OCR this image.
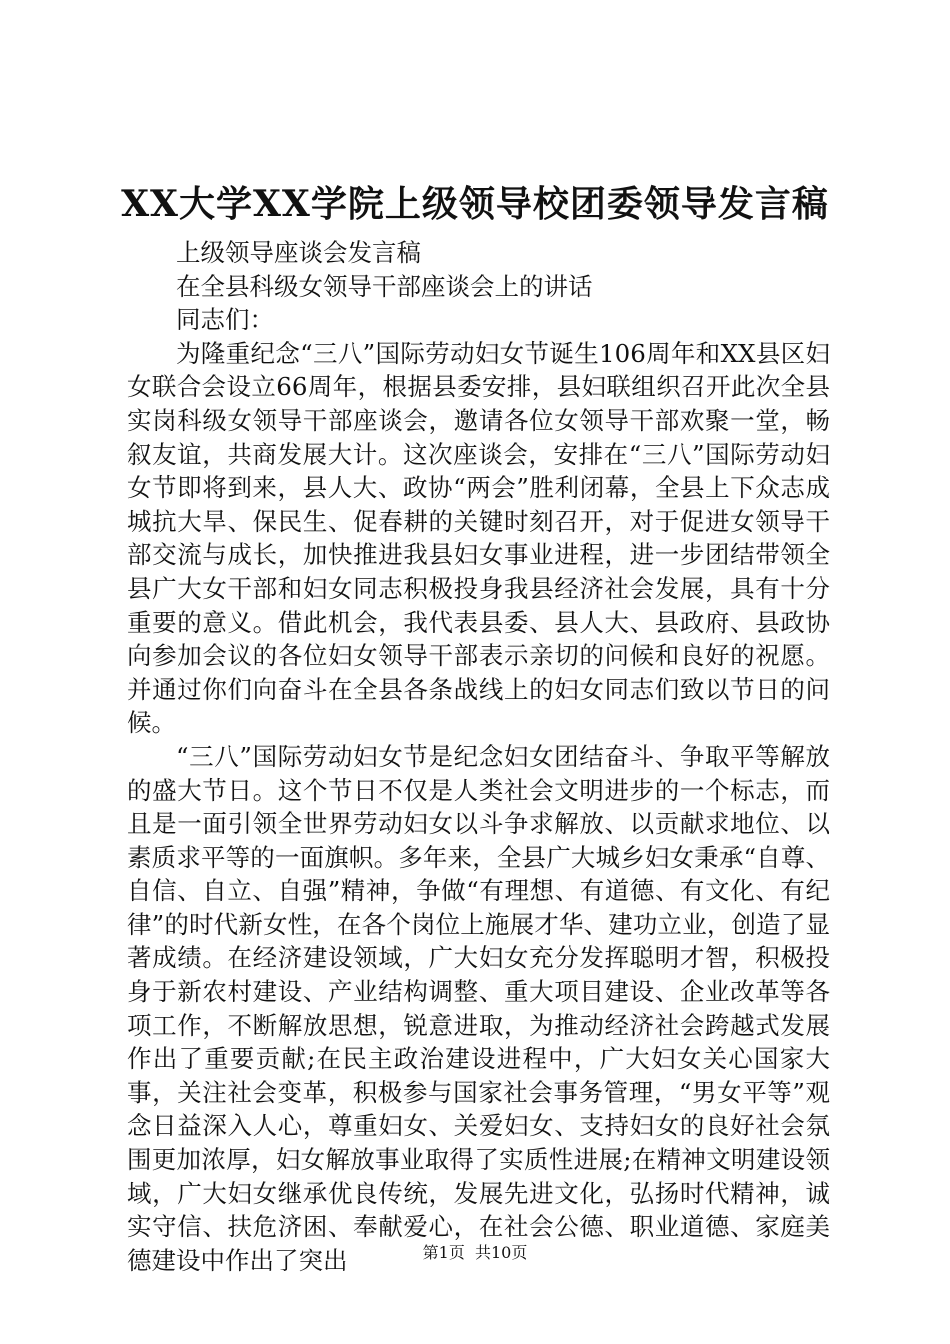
XX大学XX学院上级领导校团委领导发言稿

上级领导座谈会发言稿

在全县科级女领导干部座谈会上的讲话

同志们：

为隆重纪念“三八”国际劳动妇女节诞生106周年和XX县区妇女联合会设立66周年，根据县委安排，县妇联组织召开此次全县实岗科级女领导干部座谈会，邀请各位女领导干部欢聚一堂，畅叙友谊，共商发展大计。这次座谈会，安排在“三八”国际劳动妇女节即将到来，县人大、政协“两会”胜利闭幕，全县上下众志成城抗大旱、保民生、促春耕的关键时刻召开，对于促进女领导干部交流与成长，加快推进我县妇女事业进程，进一步团结带领全县广大女干部和妇女同志积极投身我县经济社会发展，具有十分重要的意义。借此机会，我代表县委、县人大、县政府、县政协向参加会议的各位妇女领导干部表示亲切的问候和良好的祝愿。并通过你们向奋斗在全县各条战线上的妇女同志们致以节日的问候。

“三八”国际劳动妇女节是纪念妇女团结奋斗、争取平等解放的盛大节日。这个节日不仅是人类社会文明进步的一个标志，而且是一面引领全世界劳动妇女以斗争求解放、以贡献求地位、以素质求平等的一面旗帜。多年来，全县广大城乡妇女秉承“自尊、自信、自立、自强”精神，争做“有理想、有道德、有文化、有纪律”的时代新女性，在各个岗位上施展才华、建功立业，创造了显著成绩。在经济建设领域，广大妇女充分发挥聪明才智，积极投身于新农村建设、产业结构调整、重大项目建设、企业改革等各项工作，不断解放思想，锐意进取，为推动经济社会跨越式发展作出了重要贡献;在民主政治建设进程中，广大妇女关心国家大事，关注社会变革，积极参与国家社会事务管理，“男女平等”观念日益深入人心，尊重妇女、关爱妇女、支持妇女的良好社会氛围更加浓厚，妇女解放事业取得了实质性进展;在精神文明建设领域，广大妇女继承优良传统，发展先进文化，弘扬时代精神，诚实守信、扶危济困、奉献爱心，在社会公德、职业道德、家庭美德建设中作出了突出	第1页  共10页
